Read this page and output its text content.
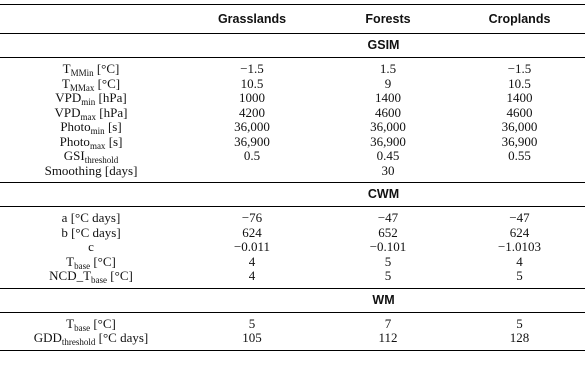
	Grasslands	Forests	Croplands
	GSIM		
$T_{MMin}$ [°C]	−1.5	1.5	−1.5
$T_{MMax}$ [°C]	10.5	9	10.5
$VPD_{min}$ [hPa]	1000	1400	1400
$VPD_{max}$ [hPa]	4200	4600	4600
Photo$_{min}$ [s]	36,000	36,000	36,000
Photo$_{max}$ [s]	36,900	36,900	36,900
$GSI_{threshold}$	0.5	0.45	0.55
Smoothing [days]		30	
	CWM		
a [°C days]	−76	−47	−47
b [°C days]	624	652	624
c	−0.011	−0.101	−1.0103
$T_{base}$ [°C]	4	5	4
$NCD\_T_{base}$ [°C]	4	5	5
	WM		
$T_{base}$ [°C]	5	7	5
$GDD_{threshold}$ [°C days]	105	112	128
